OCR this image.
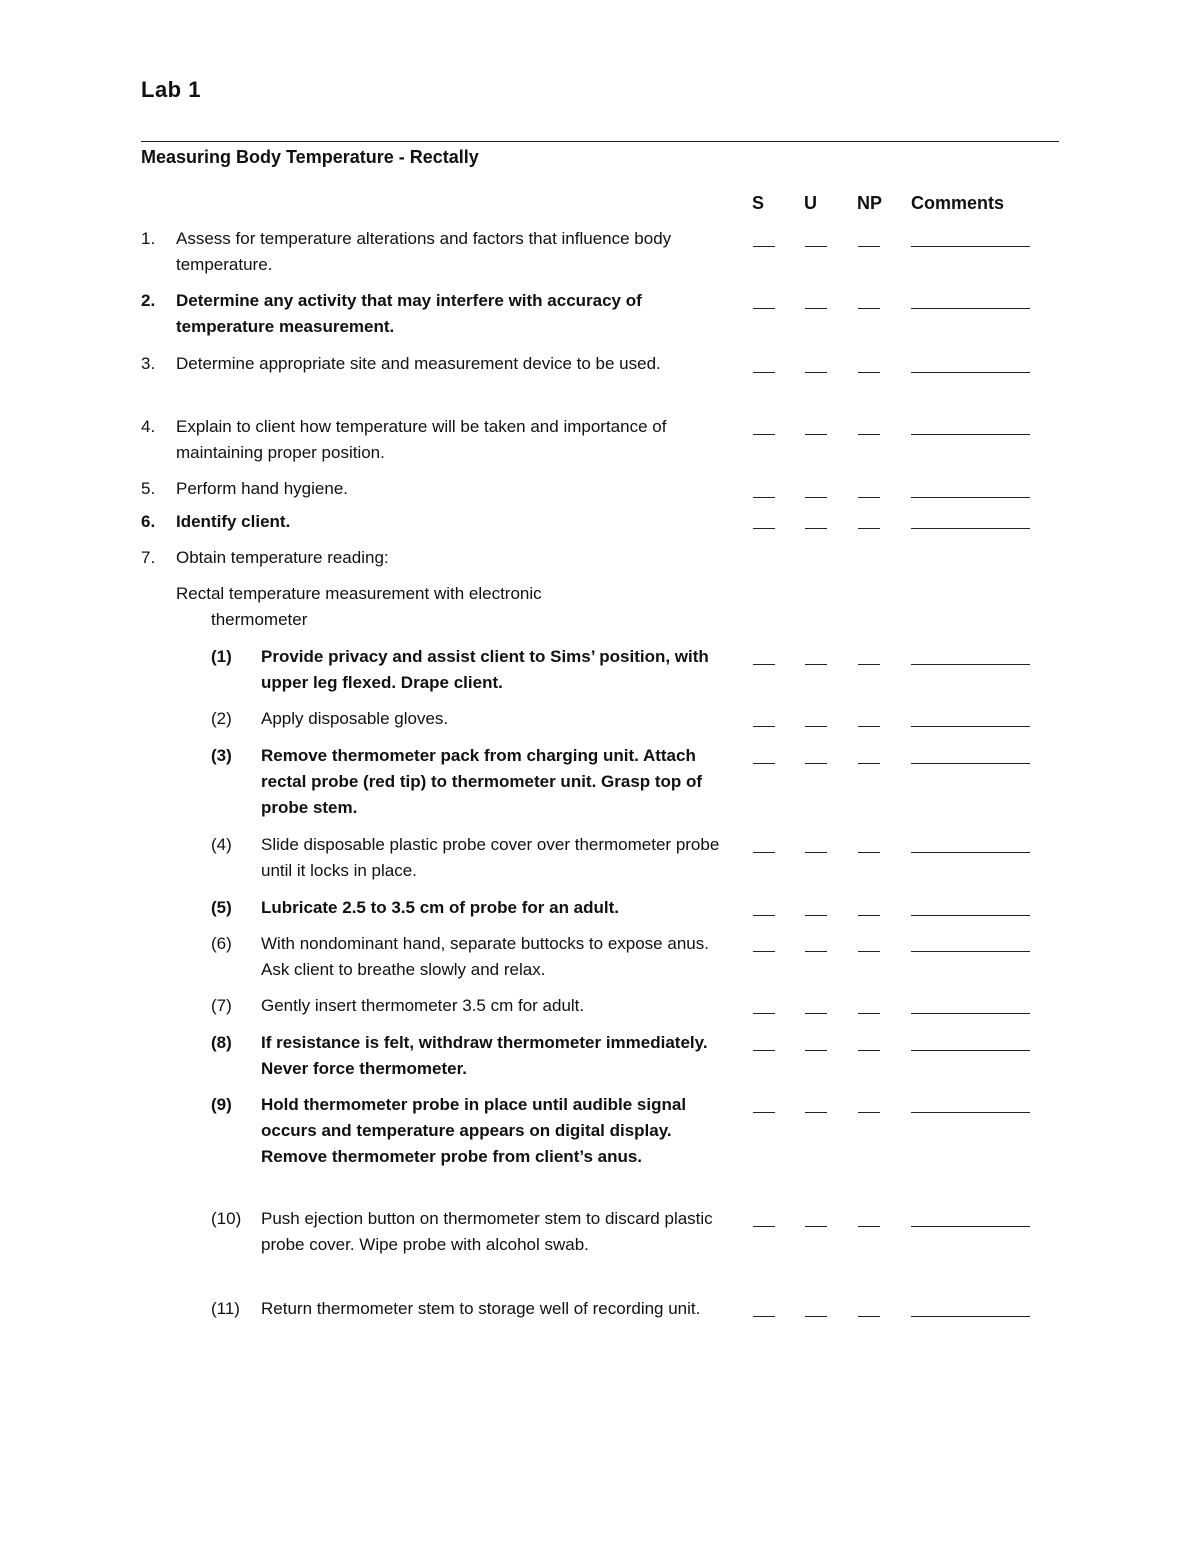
Lab 1
Measuring Body Temperature - Rectally
S U NP Comments
1. Assess for temperature alterations and factors that influence body temperature.
2. Determine any activity that may interfere with accuracy of temperature measurement.
3. Determine appropriate site and measurement device to be used.
4. Explain to client how temperature will be taken and importance of maintaining proper position.
5. Perform hand hygiene.
6. Identify client.
7. Obtain temperature reading:
Rectal temperature measurement with electronic
thermometer
(1) Provide privacy and assist client to Sims’ position, with upper leg flexed. Drape client.
(2) Apply disposable gloves.
(3) Remove thermometer pack from charging unit. Attach rectal probe (red tip) to thermometer unit. Grasp top of probe stem.
(4) Slide disposable plastic probe cover over thermometer probe until it locks in place.
(5) Lubricate 2.5 to 3.5 cm of probe for an adult.
(6) With nondominant hand, separate buttocks to expose anus. Ask client to breathe slowly and relax.
(7) Gently insert thermometer 3.5 cm for adult.
(8) If resistance is felt, withdraw thermometer immediately. Never force thermometer.
(9) Hold thermometer probe in place until audible signal occurs and temperature appears on digital display. Remove thermometer probe from client’s anus.
(10) Push ejection button on thermometer stem to discard plastic probe cover. Wipe probe with alcohol swab.
(11) Return thermometer stem to storage well of recording unit.
